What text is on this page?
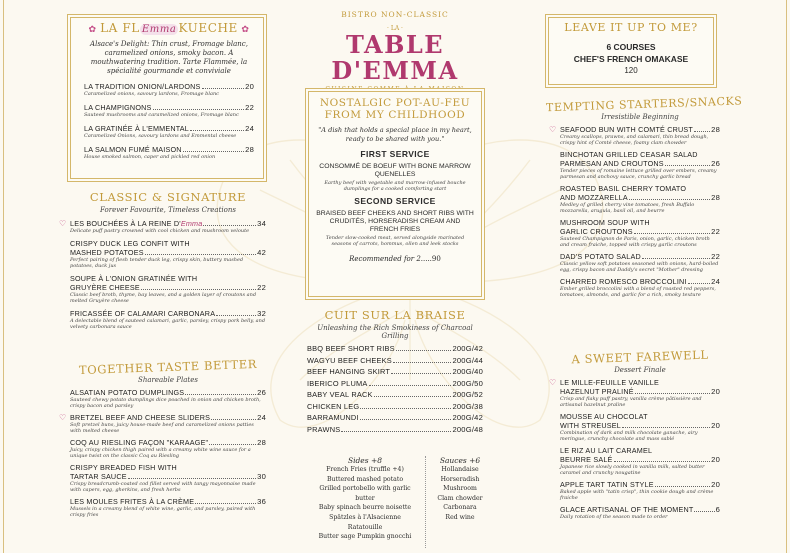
✿ LA FL Emma KUECHE ✿
Alsace's Delight: Thin crust, Fromage blanc, caramelized onions, smoky bacon. A mouthwatering tradition. Tarte Flammée, la spécialité gourmande et conviviale
LA TRADITION ONION/LARDONS	20
Caramelized onions, savoury lardons, Fromage blanc
LA CHAMPIGNONS	22
Sauteed mushrooms and caramelized onions, Fromage blanc
LA GRATINÉE À L'EMMENTAL	24
Caramelized Onions, savoury lardons and Emmental cheese
LA SALMON FUMÉ MAISON	28
House smoked salmon, caper and pickled red onion
CLASSIC & SIGNATURE
Forever Favourite, Timeless Creations
♡ LES BOUCHÉES À LA REINE D'Emma	34
Delicate puff pastry crowned with cool chicken and mushroom veloute
CRISPY DUCK LEG CONFIT WITH
MASHED POTATOES	42
Perfect pairing of flesh tender duck leg, crispy skin, buttery mashed potatoes, duck jus
SOUPE À L'ONION GRATINÉE WITH
GRUYÈRE CHEESE	22
Classic beef broth, thyme, bay leaves, and a golden layer of croutons and melted Gruyère cheese
FRICASSÉE OF CALAMARI CARBONARA	32
A delectable blend of sauteed calamari, garlic, parsley, crispy pork belly, and velvety carbonara sauce
TOGETHER TASTE BETTER
Shareable Plates
ALSATIAN POTATO DUMPLINGS	26
Sauteed chewy potato dumplings dice poached in onion and chicken broth, crispy bacon and parsley
♡ BRETZEL BEEF AND CHEESE SLIDERS	24
Soft pretzel buns, juicy house-made beef and caramelized onions patties with melted cheese
COQ AU RIESLING FAÇON "KARAAGE"	28
Juicy, crispy chicken thigh paired with a creamy white wine sauce for a unique twist on the classic Coq au Riesling
CRISPY BREADED FISH WITH
TARTAR SAUCE	30
Crispy breadcrumb-coated cod fillet served with tangy mayonnaise made with capers, egg, gherkins, and fresh herbs
LES MOULES FRITES À LA CRÈME	36
Mussels in a creamy blend of white wine, garlic, and parsley, paired with crispy fries
BISTRO NON-CLASSIC
· LA ·
TABLE D'EMMA
NOSTALGIC POT-AU-FEU FROM MY CHILDHOOD
"A dish that holds a special place in my heart, ready to be shared with you."
FIRST SERVICE
CONSOMMÉ DE BOEUF WITH BONE MARROW QUENELLES
Earthy beef with vegetable and marrow-infused bouche dumplings for a cooked comforting start
SECOND SERVICE
BRAISED BEEF CHEEKS AND SHORT RIBS WITH CRUDITÉS, HORSERADISH CREAM AND FRENCH FRIES
Tender slow-cooked meat, served alongside marinated seasons of carrots, hommus, ollen and leek stocks
Recommended for 2.....90
CUIT SUR LA BRAISE
Unleashing the Rich Smokiness of Charcoal Grilling
BBQ BEEF SHORT RIBS	200G/42
WAGYU BEEF CHEEKS	200G/44
BEEF HANGING SKIRT	200G/40
IBERICO PLUMA	200G/50
BABY VEAL RACK	200G/52
CHICKEN LEG	200G/38
BARRAMUNDI	200G/42
PRAWNS	200G/48
Sides +8
French Fries (truffle +4)
Buttered mashed potato
Grilled portobello with garlic butter
Baby spinach beurre noisette
Spätzles à l'Alsacienne
Ratatouille
Butter sage Pumpkin gnocchi
Sauces +6
Hollandaise
Horseradish
Mushroom
Clam chowder
Carbonara
Red wine
LEAVE IT UP TO ME?
6 COURSES
CHEF'S FRENCH OMAKASE
120
TEMPTING STARTERS/SNACKS
Irresistible Beginning
♡ SEAFOOD BUN WITH COMTÉ CRUST 28
Creamy scallops, prawns, and calamari, thin bread dough, crispy hint of Comté cheese, foamy clam chowder
BINCHOTAN GRILLED CEASAR SALAD
PARMESAN AND CROUTONS	26
Tender pieces of romaine lettuce grilled over embers, creamy parmesan and anchovy sauce, crunchy garlic bread
ROASTED BASIL CHERRY TOMATO
AND MOZZARELLA	28
Medley of grilled cherry vine tomatoes, fresh Buffalo mozzarella, arugula, basil oil, and beurre
MUSHROOM SOUP WITH
GARLIC CROUTONS	22
Sauteed Champignon de Paris, onion, garlic, chicken broth and cream fraiche, topped with crispy garlic croutons
DAD'S POTATO SALAD	22
Classic yellow soft potatoes seasoned with onions, hard-boiled egg, crispy bacon and Daddy's secret "Mother" dressing
CHARRED ROMESCO BROCCOLINI	24
Ember grilled broccolini with a blend of roasted red peppers, tomatoes, almonds, and garlic for a rich, smoky texture
A SWEET FAREWELL
Dessert Finale
♡ LE MILLE-FEUILLE VANILLE
HAZELNUT PRALINÉ	20
Crisp and flaky puff pastry, vanilla crème pâtissière and artisanal hazelnut praline
MOUSSE AU CHOCOLAT
WITH STREUSEL	20
Combination of dark and milk chocolate ganache, airy meringue, crunchy chocolate and mass sablé
LE RIZ AU LAIT CARAMEL
BEURRE SALÉ	20
Japanese rice slowly cooked in vanilla milk, salted butter caramel and crunchy nougatine
APPLE TART TATIN STYLE	20
Baked apple with "tatin crisp", thin cookie dough and crème fraiche
GLACE ARTISANAL OF THE MOMENT	6
Daily rotation of the season made to order
